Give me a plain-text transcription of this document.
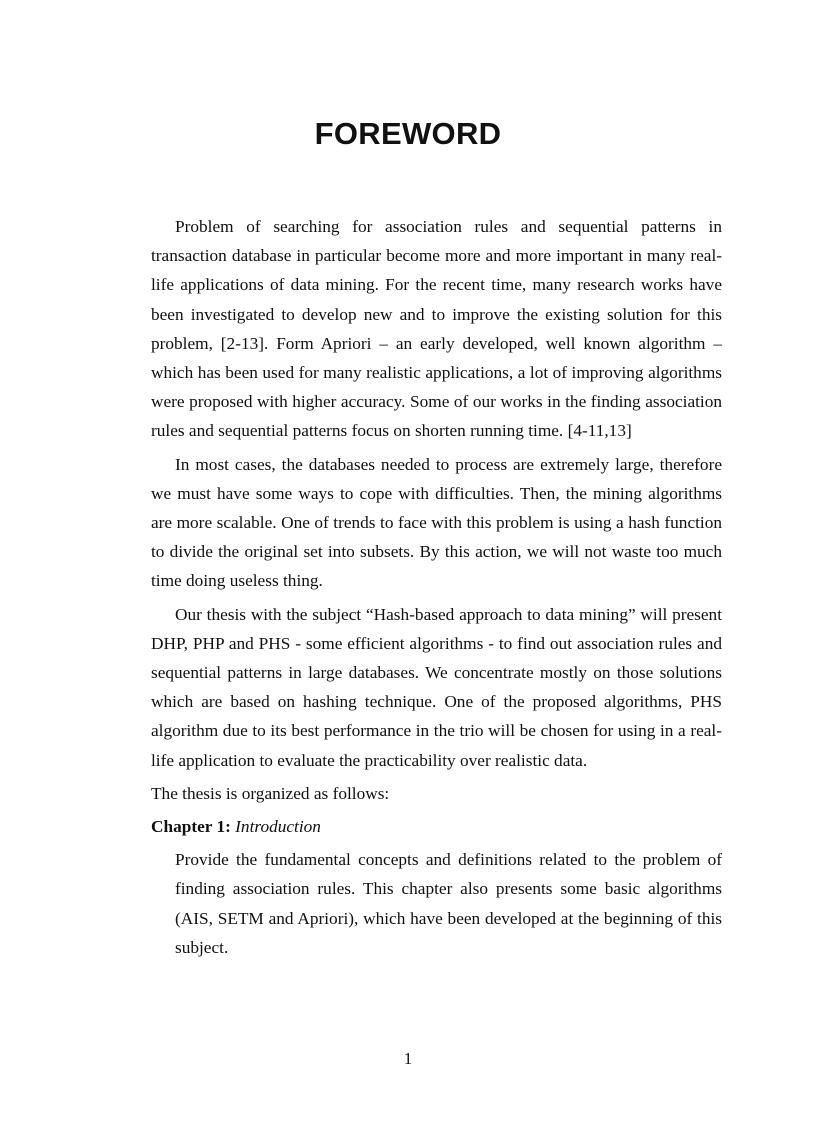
FOREWORD

Problem of searching for association rules and sequential patterns in transaction database in particular become more and more important in many real-life applications of data mining. For the recent time, many research works have been investigated to develop new and to improve the existing solution for this problem, [2-13]. Form Apriori – an early developed, well known algorithm – which has been used for many realistic applications, a lot of improving algorithms were proposed with higher accuracy. Some of our works in the finding association rules and sequential patterns focus on shorten running time. [4-11,13]

In most cases, the databases needed to process are extremely large, therefore we must have some ways to cope with difficulties. Then, the mining algorithms are more scalable. One of trends to face with this problem is using a hash function to divide the original set into subsets. By this action, we will not waste too much time doing useless thing.

Our thesis with the subject “Hash-based approach to data mining” will present DHP, PHP and PHS - some efficient algorithms - to find out association rules and sequential patterns in large databases. We concentrate mostly on those solutions which are based on hashing technique. One of the proposed algorithms, PHS algorithm due to its best performance in the trio will be chosen for using in a real-life application to evaluate the practicability over realistic data.

The thesis is organized as follows:

Chapter 1: Introduction

Provide the fundamental concepts and definitions related to the problem of finding association rules. This chapter also presents some basic algorithms (AIS, SETM and Apriori), which have been developed at the beginning of this subject.

1
